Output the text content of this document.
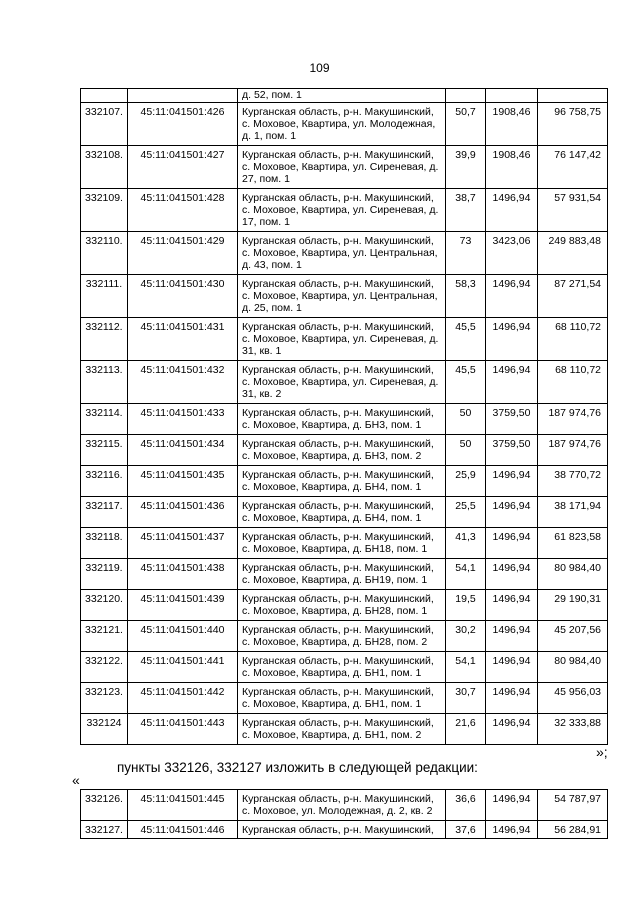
109
		д. 52, пом. 1			
332107.	45:11:041501:426	Курганская область, р-н. Макушинский, с. Моховое, Квартира, ул. Молодежная, д. 1, пом. 1	50,7	1908,46	96 758,75
332108.	45:11:041501:427	Курганская область, р-н. Макушинский, с. Моховое, Квартира, ул. Сиреневая, д. 27, пом. 1	39,9	1908,46	76 147,42
332109.	45:11:041501:428	Курганская область, р-н. Макушинский, с. Моховое, Квартира, ул. Сиреневая, д. 17, пом. 1	38,7	1496,94	57 931,54
332110.	45:11:041501:429	Курганская область, р-н. Макушинский, с. Моховое, Квартира, ул. Центральная, д. 43, пом. 1	73	3423,06	249 883,48
332111.	45:11:041501:430	Курганская область, р-н. Макушинский, с. Моховое, Квартира, ул. Центральная, д. 25, пом. 1	58,3	1496,94	87 271,54
332112.	45:11:041501:431	Курганская область, р-н. Макушинский, с. Моховое, Квартира, ул. Сиреневая, д. 31, кв. 1	45,5	1496,94	68 110,72
332113.	45:11:041501:432	Курганская область, р-н. Макушинский, с. Моховое, Квартира, ул. Сиреневая, д. 31, кв. 2	45,5	1496,94	68 110,72
332114.	45:11:041501:433	Курганская область, р-н. Макушинский, с. Моховое, Квартира, д. БН3, пом. 1	50	3759,50	187 974,76
332115.	45:11:041501:434	Курганская область, р-н. Макушинский, с. Моховое, Квартира, д. БН3, пом. 2	50	3759,50	187 974,76
332116.	45:11:041501:435	Курганская область, р-н. Макушинский, с. Моховое, Квартира, д. БН4, пом. 1	25,9	1496,94	38 770,72
332117.	45:11:041501:436	Курганская область, р-н. Макушинский, с. Моховое, Квартира, д. БН4, пом. 1	25,5	1496,94	38 171,94
332118.	45:11:041501:437	Курганская область, р-н. Макушинский, с. Моховое, Квартира, д. БН18, пом. 1	41,3	1496,94	61 823,58
332119.	45:11:041501:438	Курганская область, р-н. Макушинский, с. Моховое, Квартира, д. БН19, пом. 1	54,1	1496,94	80 984,40
332120.	45:11:041501:439	Курганская область, р-н. Макушинский, с. Моховое, Квартира, д. БН28, пом. 1	19,5	1496,94	29 190,31
332121.	45:11:041501:440	Курганская область, р-н. Макушинский, с. Моховое, Квартира, д. БН28, пом. 2	30,2	1496,94	45 207,56
332122.	45:11:041501:441	Курганская область, р-н. Макушинский, с. Моховое, Квартира, д. БН1, пом. 1	54,1	1496,94	80 984,40
332123.	45:11:041501:442	Курганская область, р-н. Макушинский, с. Моховое, Квартира, д. БН1, пом. 1	30,7	1496,94	45 956,03
332124	45:11:041501:443	Курганская область, р-н. Макушинский, с. Моховое, Квартира, д. БН1, пом. 2	21,6	1496,94	32 333,88
»;
пункты 332126, 332127 изложить в следующей редакции:
«
332126.	45:11:041501:445	Курганская область, р-н. Макушинский, с. Моховое, ул. Молодежная, д. 2, кв. 2	36,6	1496,94	54 787,97
332127.	45:11:041501:446	Курганская область, р-н. Макушинский,	37,6	1496,94	56 284,91
